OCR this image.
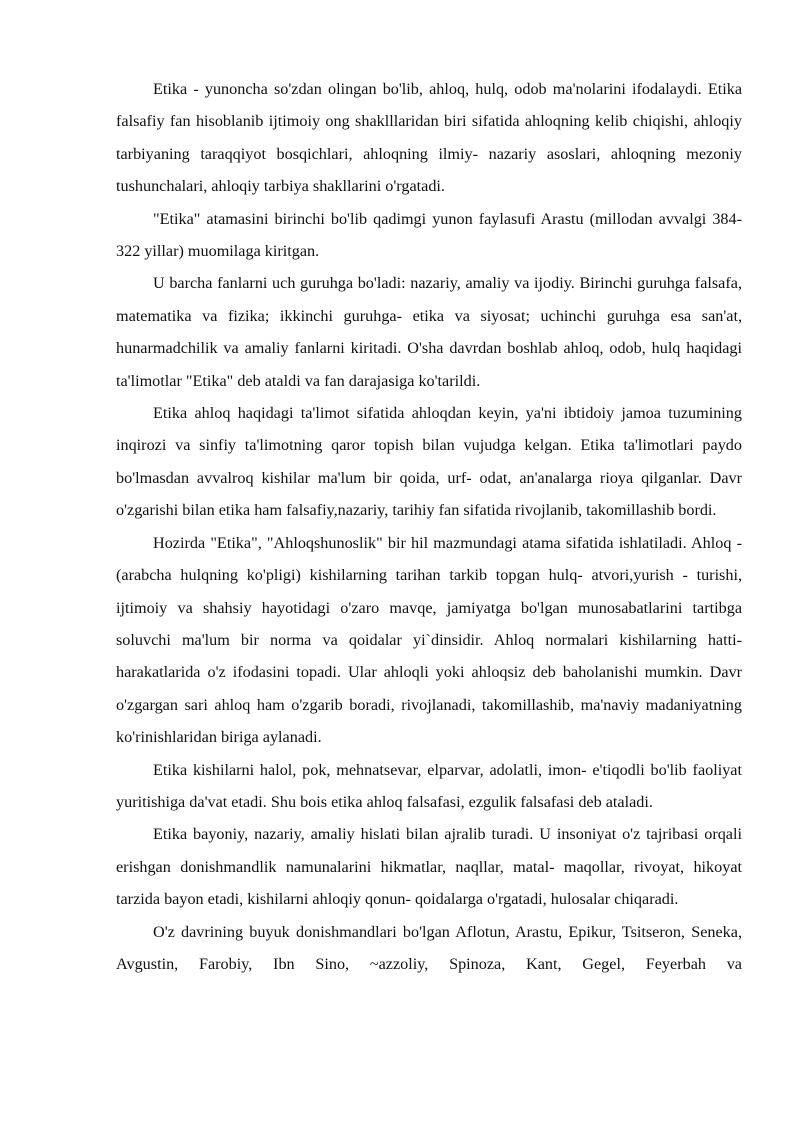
Etika - yunoncha so'zdan olingan bo'lib, ahloq, hulq, odob ma'nolarini ifodalaydi. Etika falsafiy fan hisoblanib ijtimoiy ong shaklllaridan biri sifatida ahloqning kelib chiqishi, ahloqiy tarbiyaning taraqqiyot bosqichlari, ahloqning ilmiy- nazariy asoslari, ahloqning mezoniy tushunchalari, ahloqiy tarbiya shakllarini o'rgatadi.

"Etika" atamasini birinchi bo'lib qadimgi yunon faylasufi Arastu (millodan avvalgi 384-322 yillar) muomilaga kiritgan.

U barcha fanlarni uch guruhga bo'ladi: nazariy, amaliy va ijodiy. Birinchi guruhga falsafa, matematika va fizika; ikkinchi guruhga- etika va siyosat; uchinchi guruhga esa san'at, hunarmadchilik va amaliy fanlarni kiritadi. O'sha davrdan boshlab ahloq, odob, hulq haqidagi ta'limotlar "Etika" deb ataldi va fan darajasiga ko'tarildi.

Etika ahloq haqidagi ta'limot sifatida ahloqdan keyin, ya'ni ibtidoiy jamoa tuzumining inqirozi va sinfiy ta'limotning qaror topish bilan vujudga kelgan. Etika ta'limotlari paydo bo'lmasdan avvalroq kishilar ma'lum bir qoida, urf- odat, an'analarga rioya qilganlar. Davr o'zgarishi bilan etika ham falsafiy,nazariy, tarihiy fan sifatida rivojlanib, takomillashib bordi.

Hozirda "Etika", "Ahloqshunoslik" bir hil mazmundagi atama sifatida ishlatiladi. Ahloq - (arabcha hulqning ko'pligi) kishilarning tarihan tarkib topgan hulq- atvori,yurish - turishi, ijtimoiy va shahsiy hayotidagi o'zaro mavqe, jamiyatga bo'lgan munosabatlarini tartibga soluvchi ma'lum bir norma va qoidalar yi`dinsidir. Ahloq normalari kishilarning hatti- harakatlarida o'z ifodasini topadi. Ular ahloqli yoki ahloqsiz deb baholanishi mumkin. Davr o'zgargan sari ahloq ham o'zgarib boradi, rivojlanadi, takomillashib, ma'naviy madaniyatning ko'rinishlaridan biriga aylanadi.

Etika kishilarni halol, pok, mehnatsevar, elparvar, adolatli, imon- e'tiqodli bo'lib faoliyat yuritishiga da'vat etadi. Shu bois etika ahloq falsafasi, ezgulik falsafasi deb ataladi.

Etika bayoniy, nazariy, amaliy hislati bilan ajralib turadi. U insoniyat o'z tajribasi orqali erishgan donishmandlik namunalarini hikmatlar, naqllar, matal- maqollar, rivoyat, hikoyat tarzida bayon etadi, kishilarni ahloqiy qonun- qoidalarga o'rgatadi, hulosalar chiqaradi.

O'z davrining buyuk donishmandlari bo'lgan Aflotun, Arastu, Epikur, Tsitseron, Seneka, Avgustin, Farobiy, Ibn Sino, ~azzoliy, Spinoza, Kant, Gegel, Feyerbah va
